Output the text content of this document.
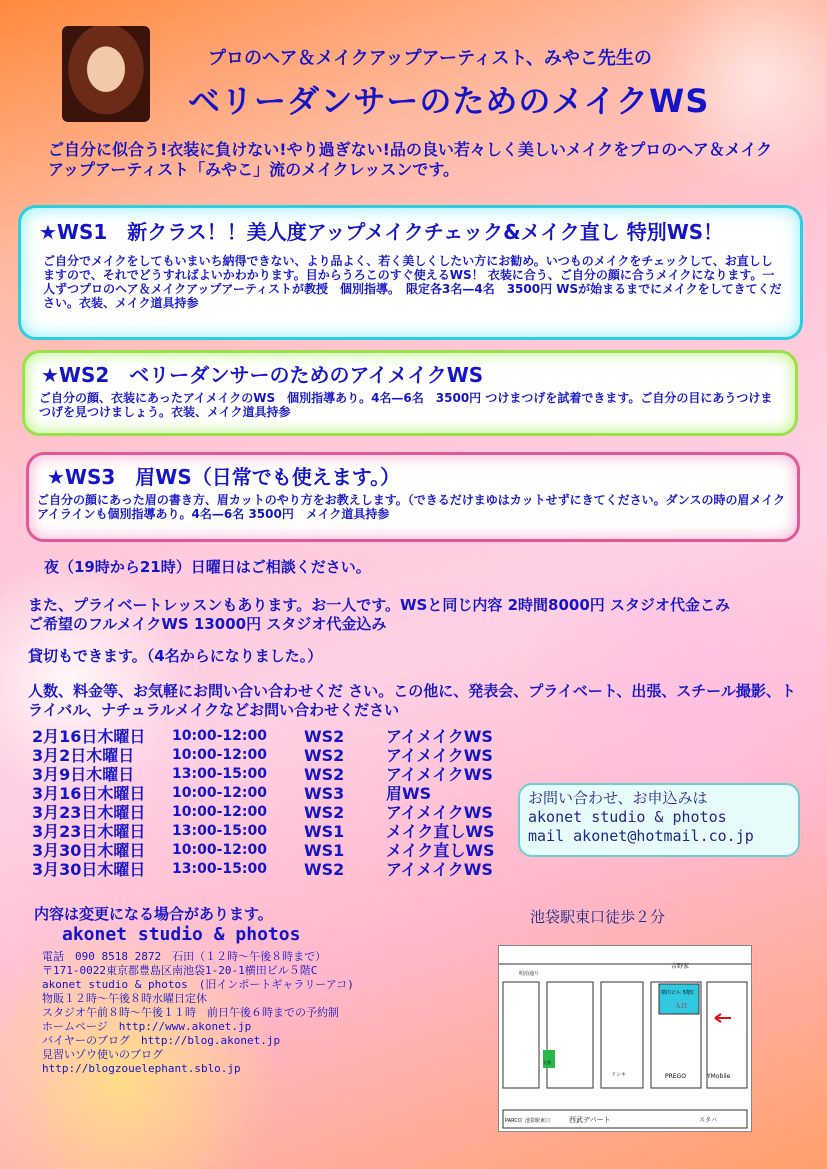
プロのヘア＆メイクアップアーティスト、みやこ先生の
ベリーダンサーのためのメイクWS
ご自分に似合う!衣装に負けない!やり過ぎない!品の良い若々しく美しいメイクをプロのヘア＆メイクアップアーティスト「みやこ」流のメイクレッスンです。
★WS1　新クラス！！美人度アップメイクチェック&メイク直し 特別WS！
ご自分でメイクをしてもいまいち納得できない、より品よく、若く美しくしたい方にお勧め。いつものメイクをチェックして、お直ししますので、それでどうすればよいかわかります。目からうろこのすぐ使えるWS！ 衣装に合う、ご自分の顔に合うメイクになります。一人ずつプロのヘア＆メイクアップアーティストが教授　個別指導。　限定各3名—4名　3500円 WSが始まるまでにメイクをしてきてください。衣装、メイク道具持参
★WS2　ベリーダンサーのためのアイメイクWS
ご自分の顔、衣装にあったアイメイクのWS　個別指導あり。4名—6名　3500円 つけまつげを試着できます。ご自分の目にあうつけまつげを見つけましょう。衣装、メイク道具持参
★WS3　眉WS（日常でも使えます。）
ご自分の顔にあった眉の書き方、眉カットのやり方をお教えします。（できるだけまゆはカットせずにきてください。ダンスの時の眉メイク アイラインも個別指導あり。4名—6名 3500円　メイク道具持参
夜（19時から21時）日曜日はご相談ください。
また、プライベートレッスンもあります。お一人です。WSと同じ内容 2時間8000円 スタジオ代金こみ
ご希望のフルメイクWS 13000円 スタジオ代金込み
貸切もできます。（4名からになりました。）
人数、料金等、お気軽にお問い合い合わせくだ さい。この他に、発表会、プライベート、出張、スチール撮影、トライバル、ナチュラルメイクなどお問い合わせください
2月16日木曜日	10:00-12:00	WS2	アイメイクWS
3月2日木曜日	10:00-12:00	WS2	アイメイクWS
3月9日木曜日	13:00-15:00	WS2	アイメイクWS
3月16日木曜日	10:00-12:00	WS3	眉WS
3月23日木曜日	10:00-12:00	WS2	アイメイクWS
3月23日木曜日	13:00-15:00	WS1	メイク直しWS
3月30日木曜日	10:00-12:00	WS1	メイク直しWS
3月30日木曜日	13:00-15:00	WS2	アイメイクWS
お問い合わせ、お申込みは
akonet studio & photos
mail akonet@hotmail.co.jp
内容は変更になる場合があります。
akonet studio & photos
電話　090 8518 2872　石田（１２時〜午後８時まで）
〒171-0022東京都豊島区南池袋1-20-1横田ビル５階C
akonet studio & photos　(旧インポートギャラリーアコ)
物販１２時〜午後８時水曜日定休
スタジオ午前８時〜午後１１時　前日午後６時までの予約制
ホームページ　http://www.akonet.jp
バイヤーのブログ　http://blog.akonet.jp
見習いゾウ使いのブログ
http://blogzouelephant.sblo.jp
池袋駅東口徒歩２分
吉野家
横田ビル 5階C
入口
PREGO	YMobile
西武デパート	スタバ
PARCO 池袋駅東口
明治通り
ドンキ
交番
